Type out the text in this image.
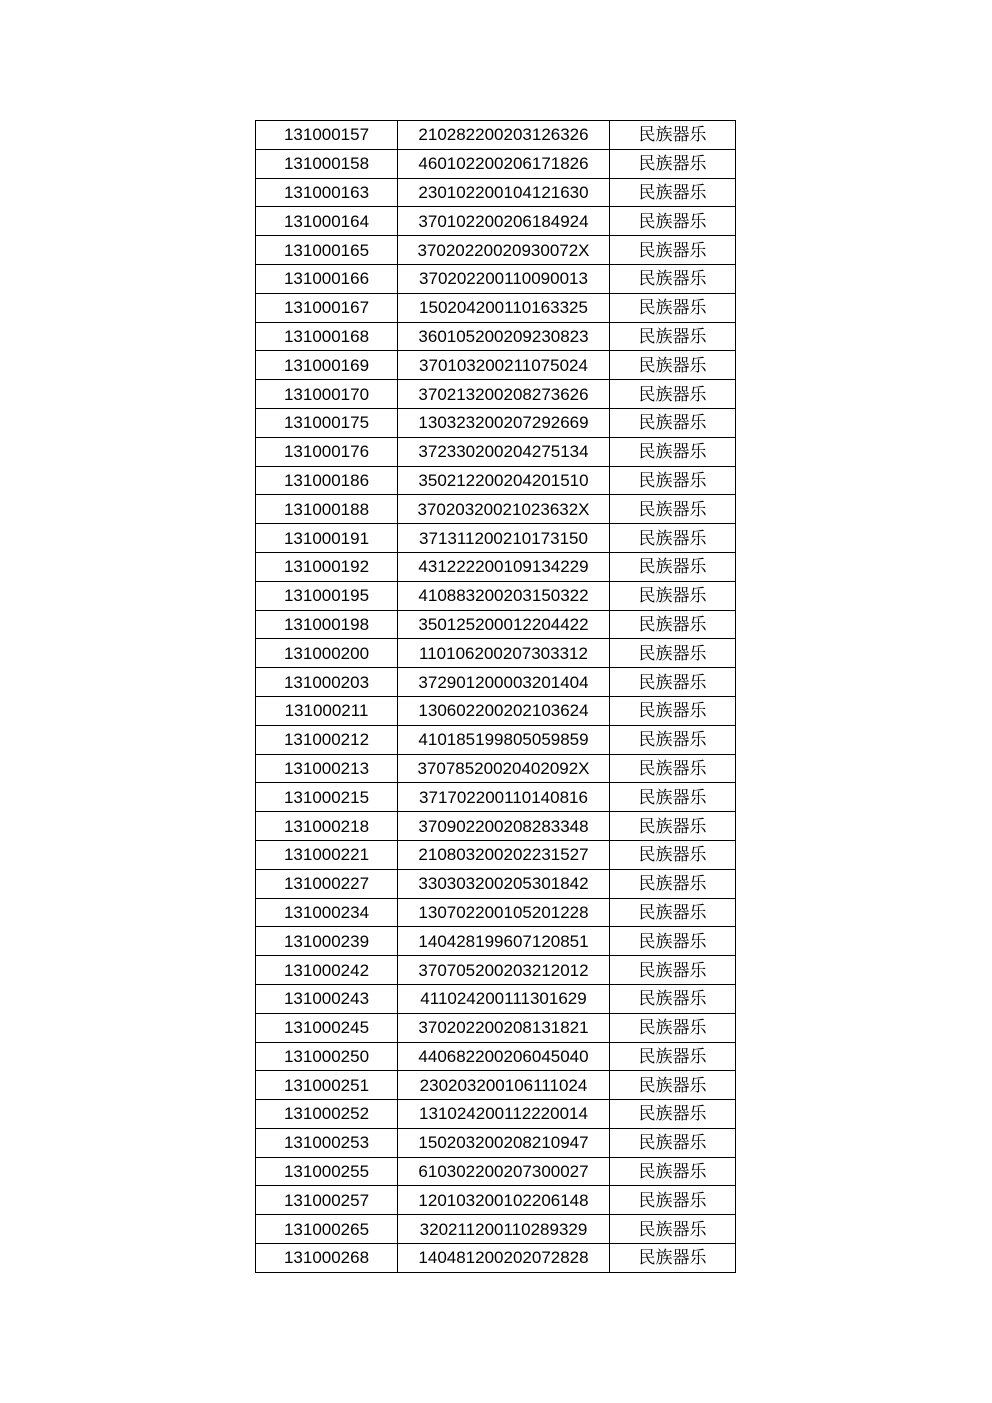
131000157	210282200203126326	民族器乐
131000158	460102200206171826	民族器乐
131000163	230102200104121630	民族器乐
131000164	370102200206184924	民族器乐
131000165	37020220020930072X	民族器乐
131000166	370202200110090013	民族器乐
131000167	150204200110163325	民族器乐
131000168	360105200209230823	民族器乐
131000169	370103200211075024	民族器乐
131000170	370213200208273626	民族器乐
131000175	130323200207292669	民族器乐
131000176	372330200204275134	民族器乐
131000186	350212200204201510	民族器乐
131000188	37020320021023632X	民族器乐
131000191	371311200210173150	民族器乐
131000192	431222200109134229	民族器乐
131000195	410883200203150322	民族器乐
131000198	350125200012204422	民族器乐
131000200	110106200207303312	民族器乐
131000203	372901200003201404	民族器乐
131000211	130602200202103624	民族器乐
131000212	410185199805059859	民族器乐
131000213	37078520020402092X	民族器乐
131000215	371702200110140816	民族器乐
131000218	370902200208283348	民族器乐
131000221	210803200202231527	民族器乐
131000227	330303200205301842	民族器乐
131000234	130702200105201228	民族器乐
131000239	140428199607120851	民族器乐
131000242	370705200203212012	民族器乐
131000243	411024200111301629	民族器乐
131000245	370202200208131821	民族器乐
131000250	440682200206045040	民族器乐
131000251	230203200106111024	民族器乐
131000252	131024200112220014	民族器乐
131000253	150203200208210947	民族器乐
131000255	610302200207300027	民族器乐
131000257	120103200102206148	民族器乐
131000265	320211200110289329	民族器乐
131000268	140481200202072828	民族器乐
